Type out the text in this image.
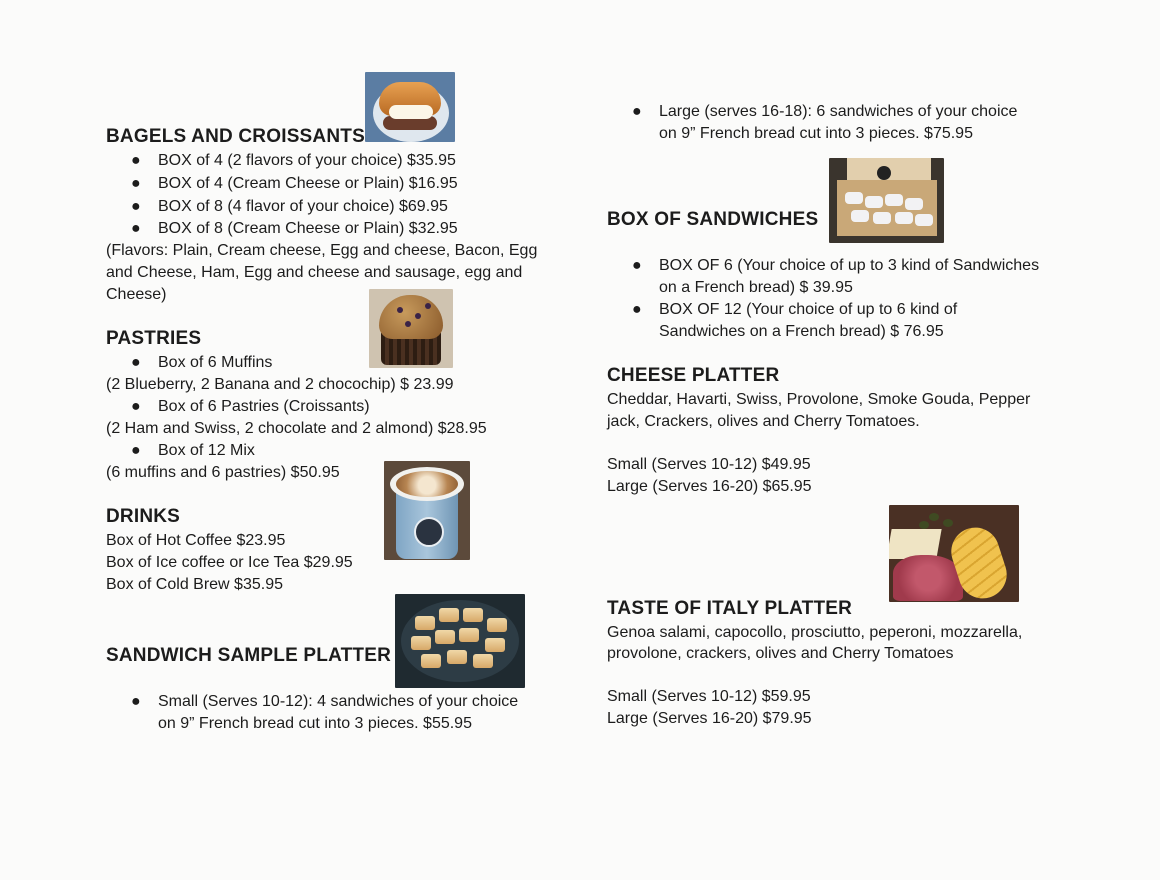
BAGELS AND CROISSANTS
● BOX of 4 (2 flavors of your choice) $35.95
● BOX of 4 (Cream Cheese or Plain) $16.95
● BOX of 8 (4 flavor of your choice) $69.95
● BOX of 8 (Cream Cheese or Plain) $32.95
(Flavors: Plain, Cream cheese, Egg and cheese, Bacon, Egg
and Cheese, Ham, Egg and cheese and sausage, egg and
Cheese)
PASTRIES
● Box of 6 Muffins
(2 Blueberry, 2 Banana and 2 chocochip) $ 23.99
● Box of 6 Pastries (Croissants)
(2 Ham and Swiss, 2 chocolate and 2 almond) $28.95
● Box of 12 Mix
(6 muffins and 6 pastries) $50.95
DRINKS
Box of Hot Coffee $23.95
Box of Ice coffee or Ice Tea $29.95
Box of Cold Brew $35.95
SANDWICH SAMPLE PLATTER
● Small (Serves 10-12): 4 sandwiches of your choice
on 9” French bread cut into 3 pieces. $55.95
● Large (serves 16-18): 6 sandwiches of your choice
on 9” French bread cut into 3 pieces. $75.95
BOX OF SANDWICHES
● BOX OF 6 (Your choice of up to 3 kind of Sandwiches
on a French bread) $ 39.95
● BOX OF 12 (Your choice of up to 6 kind of
Sandwiches on a French bread) $ 76.95
CHEESE PLATTER
Cheddar, Havarti, Swiss, Provolone, Smoke Gouda, Pepper
jack, Crackers, olives and Cherry Tomatoes.
Small (Serves 10-12) $49.95
Large (Serves 16-20) $65.95
TASTE OF ITALY PLATTER
Genoa salami, capocollo, prosciutto, peperoni, mozzarella,
provolone, crackers, olives and Cherry Tomatoes
Small (Serves 10-12) $59.95
Large (Serves 16-20) $79.95
